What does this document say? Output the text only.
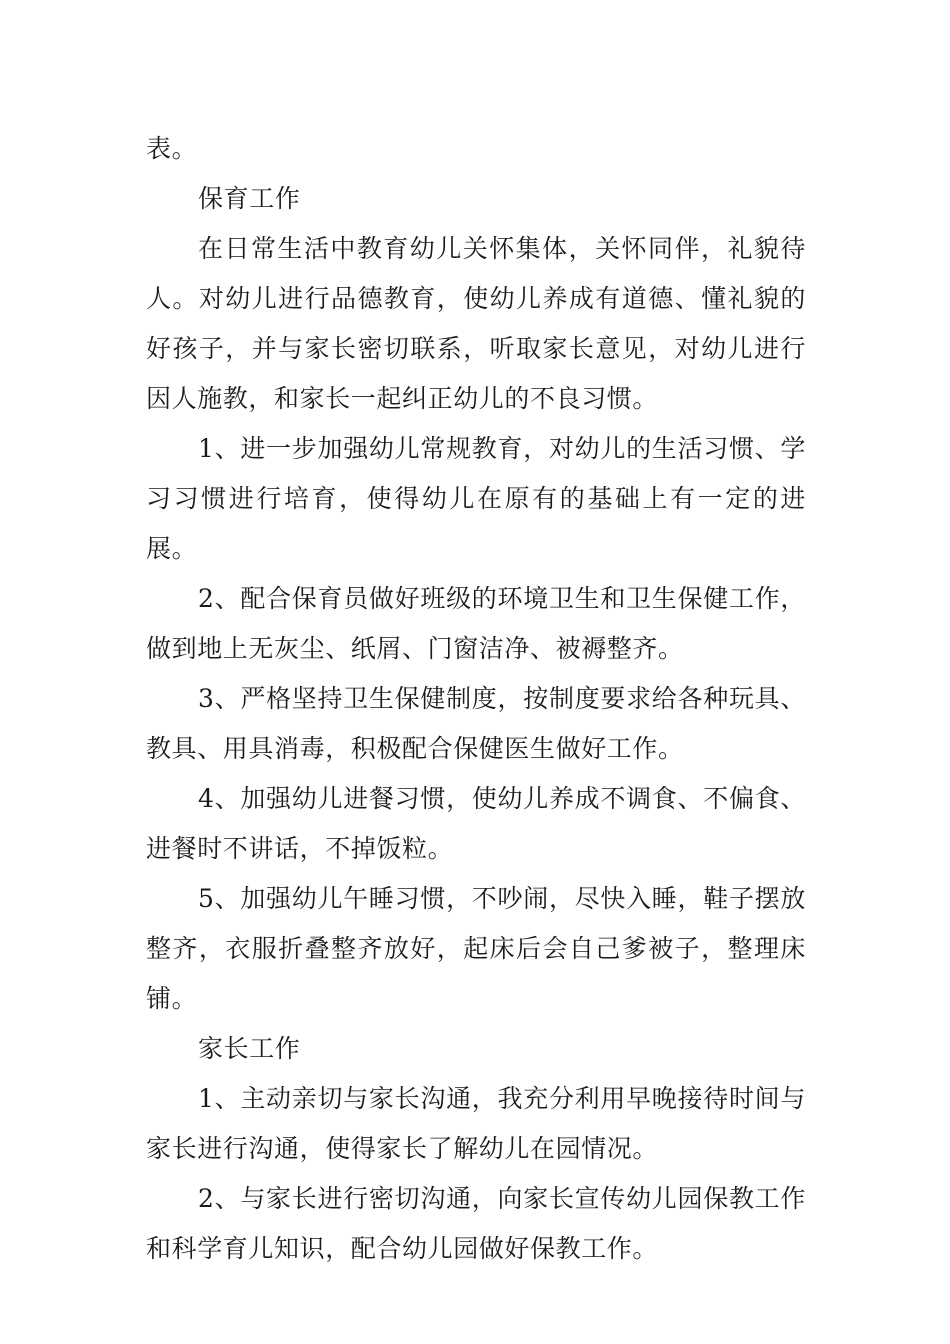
表。

保育工作

在日常生活中教育幼儿关怀集体，关怀同伴，礼貌待人。对幼儿进行品德教育，使幼儿养成有道德、懂礼貌的好孩子，并与家长密切联系，听取家长意见，对幼儿进行因人施教，和家长一起纠正幼儿的不良习惯。

1、进一步加强幼儿常规教育，对幼儿的生活习惯、学习习惯进行培育，使得幼儿在原有的基础上有一定的进展。

2、配合保育员做好班级的环境卫生和卫生保健工作，做到地上无灰尘、纸屑、门窗洁净、被褥整齐。

3、严格坚持卫生保健制度，按制度要求给各种玩具、教具、用具消毒，积极配合保健医生做好工作。

4、加强幼儿进餐习惯，使幼儿养成不调食、不偏食、进餐时不讲话，不掉饭粒。

5、加强幼儿午睡习惯，不吵闹，尽快入睡，鞋子摆放整齐，衣服折叠整齐放好，起床后会自己爹被子，整理床铺。

家长工作

1、主动亲切与家长沟通，我充分利用早晚接待时间与家长进行沟通，使得家长了解幼儿在园情况。

2、与家长进行密切沟通，向家长宣传幼儿园保教工作和科学育儿知识，配合幼儿园做好保教工作。
